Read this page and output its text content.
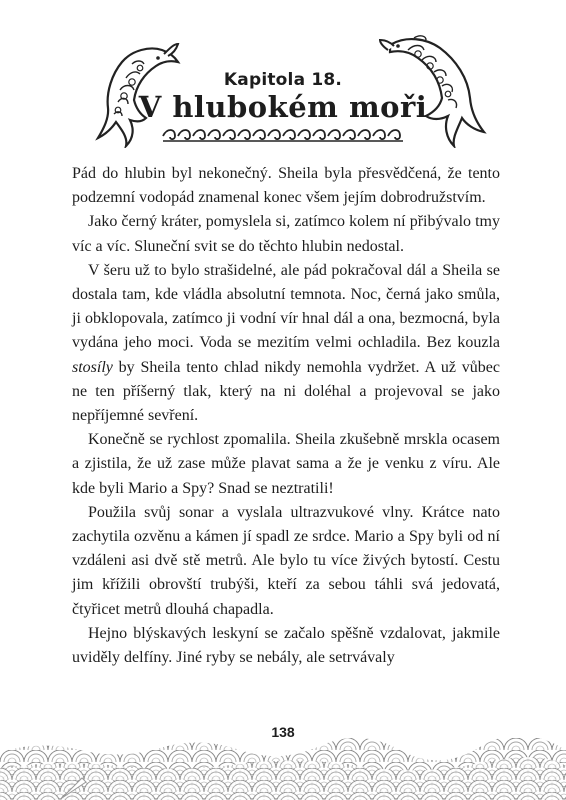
Kapitola 18.
V hlubokém moři

Pád do hlubin byl nekonečný. Sheila byla přesvědčená, že tento podzemní vodopád znamenal konec všem jejím dobrodružstvím.

Jako černý kráter, pomyslela si, zatímco kolem ní přibývalo tmy víc a víc. Sluneční svit se do těchto hlubin nedostal.

V šeru už to bylo strašidelné, ale pád pokračoval dál a Sheila se dostala tam, kde vládla absolutní temnota. Noc, černá jako smůla, ji obklopovala, zatímco ji vodní vír hnal dál a ona, bezmocná, byla vydána jeho moci. Voda se mezitím velmi ochladila. Bez kouzla stosíly by Sheila tento chlad nikdy nemohla vydržet. A už vůbec ne ten příšerný tlak, který na ni doléhal a projevoval se jako nepříjemné sevření.

Konečně se rychlost zpomalila. Sheila zkušebně mrskla ocasem a zjistila, že už zase může plavat sama a že je venku z víru. Ale kde byli Mario a Spy? Snad se neztratili!

Použila svůj sonar a vyslala ultrazvukové vlny. Krátce nato zachytila ozvěnu a kámen jí spadl ze srdce. Mario a Spy byli od ní vzdáleni asi dvě stě metrů. Ale bylo tu více živých bytostí. Cestu jim křížili obrovští trubýši, kteří za sebou táhli svá jedovatá, čtyřicet metrů dlouhá chapadla.

Hejno blýskavých leskyní se začalo spěšně vzdalovat, jakmile uviděly delfíny. Jiné ryby se nebály, ale setrvávaly

138
